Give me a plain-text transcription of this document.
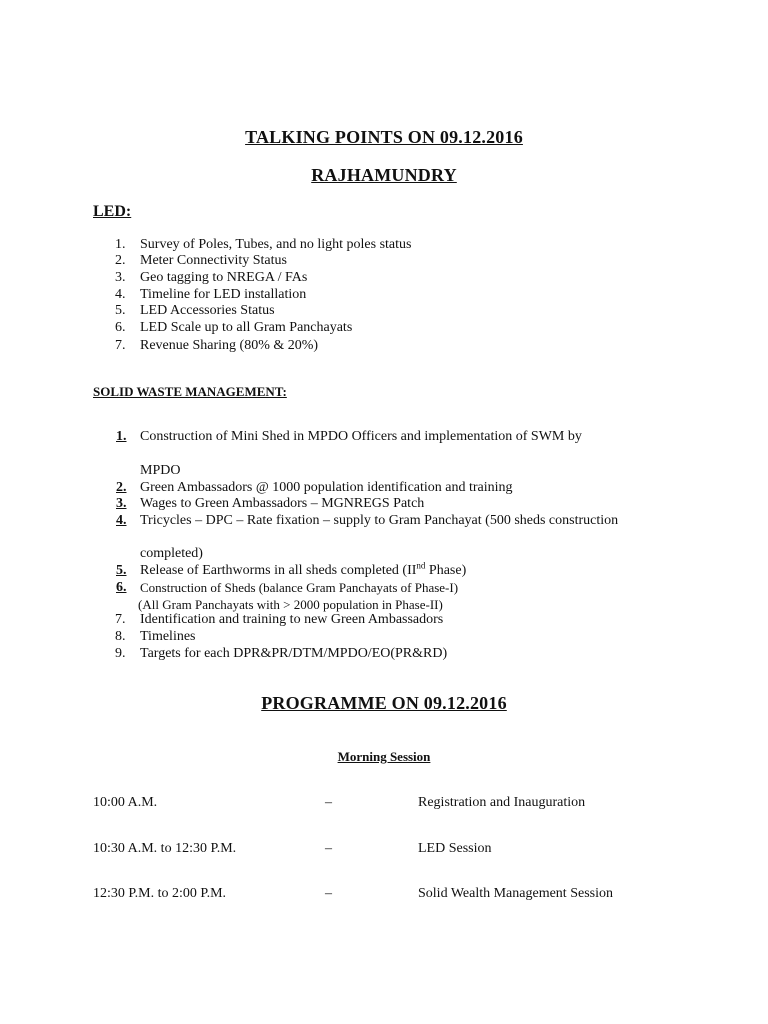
TALKING POINTS ON 09.12.2016
RAJHAMUNDRY
LED:
1. Survey of Poles, Tubes, and no light poles status
2. Meter Connectivity Status
3. Geo tagging to NREGA / FAs
4. Timeline for LED installation
5. LED Accessories Status
6. LED Scale up to all Gram Panchayats
7. Revenue Sharing (80% & 20%)
SOLID WASTE MANAGEMENT:
1. Construction of Mini Shed in MPDO Officers and implementation of SWM by
MPDO
2. Green Ambassadors @ 1000 population identification and training
3. Wages to Green Ambassadors – MGNREGS Patch
4. Tricycles – DPC – Rate fixation – supply to Gram Panchayat (500 sheds construction
completed)
5. Release of Earthworms in all sheds completed (IInd Phase)
6. Construction of Sheds (balance Gram Panchayats of Phase-I)
(All Gram Panchayats with > 2000 population in Phase-II)
7. Identification and training to new Green Ambassadors
8. Timelines
9. Targets for each DPR&PR/DTM/MPDO/EO(PR&RD)
PROGRAMME ON 09.12.2016
Morning Session
10:00 A.M.	–	Registration and Inauguration
10:30 A.M. to 12:30 P.M.	–	LED Session
12:30 P.M. to 2:00 P.M.	–	Solid Wealth Management Session
